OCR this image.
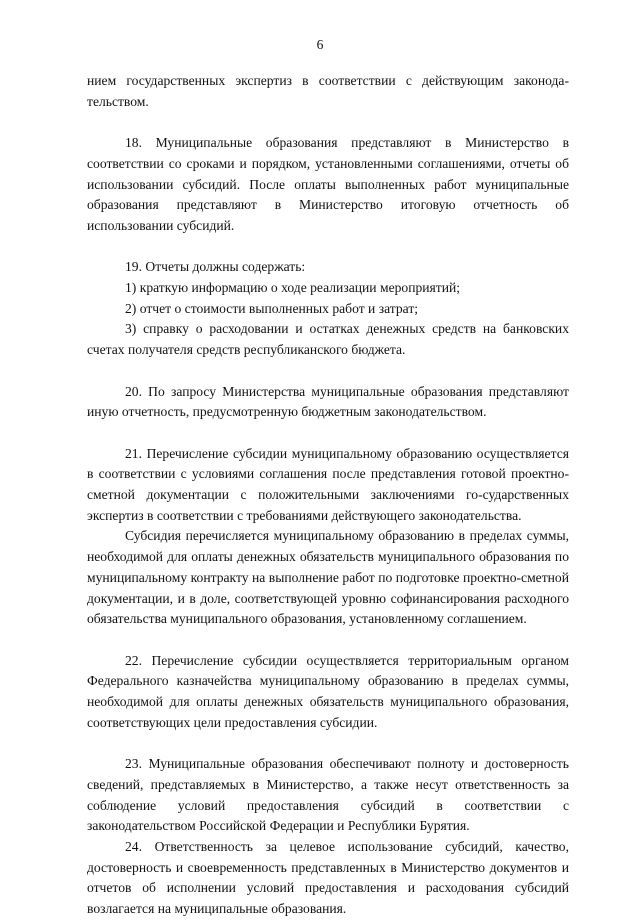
6

нием государственных экспертиз в соответствии с действующим законодательством.

18. Муниципальные образования представляют в Министерство в соответствии со сроками и порядком, установленными соглашениями, отчеты об использовании субсидий. После оплаты выполненных работ муниципальные образования представляют в Министерство итоговую отчетность об использовании субсидий.

19. Отчеты должны содержать:

1) краткую информацию о ходе реализации мероприятий;

2) отчет о стоимости выполненных работ и затрат;

3) справку о расходовании и остатках денежных средств на банковских счетах получателя средств республиканского бюджета.

20. По запросу Министерства муниципальные образования представляют иную отчетность, предусмотренную бюджетным законодательством.

21. Перечисление субсидии муниципальному образованию осуществляется в соответствии с условиями соглашения после представления готовой проектно-сметной документации с положительными заключениями го-сударственных экспертиз в соответствии с требованиями действующего законодательства.

Субсидия перечисляется муниципальному образованию в пределах суммы, необходимой для оплаты денежных обязательств муниципального образования по муниципальному контракту на выполнение работ по подготовке проектно-сметной документации, и в доле, соответствующей уровню софинансирования расходного обязательства муниципального образования, установленному соглашением.

22. Перечисление субсидии осуществляется территориальным органом Федерального казначейства муниципальному образованию в пределах суммы, необходимой для оплаты денежных обязательств муниципального образования, соответствующих цели предоставления субсидии.

23. Муниципальные образования обеспечивают полноту и достоверность сведений, представляемых в Министерство, а также несут ответственность за соблюдение условий предоставления субсидий в соответствии с законодательством Российской Федерации и Республики Бурятия.

24. Ответственность за целевое использование субсидий, качество, достоверность и своевременность представленных в Министерство документов и отчетов об исполнении условий предоставления и расходования субсидий возлагается на муниципальные образования.
